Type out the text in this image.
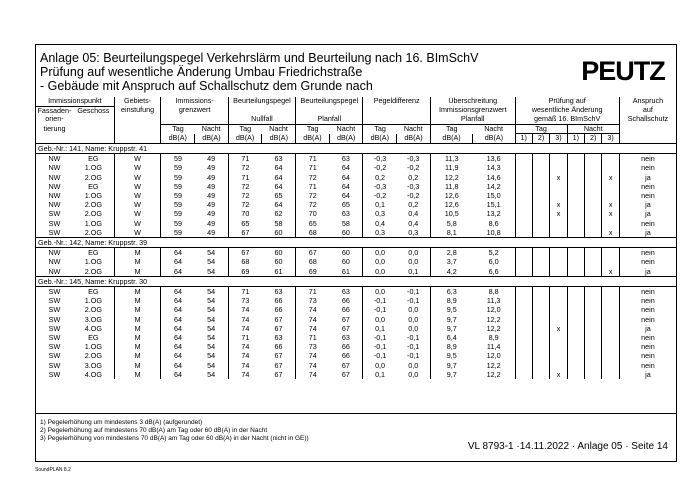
Anlage 05: Beurteilungspegel Verkehrslärm und Beurteilung nach 16. BImSchV
Prüfung auf wesentliche Änderung Umbau Friedrichstraße
- Gebäude mit Anspruch auf Schallschutz dem Grunde nach	PEUTZ
Immissionspunkt		Gebiets-	Immissions-		Beurteilungspegel		Beurteilungspegel		Pegeldifferenz		Überschreitung		Prüfung auf						Anspruch
Fassaden-	Geschoss	einstufung	grenzwert								Immissionsgrenzwert		wesentliche Änderung						auf
orien-					Nullfall		Planfall				Planfall		gemäß 16. BImSchV						Schallschutz
tierung			Tag	Nacht	Tag	Nacht	Tag	Nacht	Tag	Nacht	Tag	Nacht	Tag			Nacht			
			dB(A)	dB(A)	dB(A)	dB(A)	dB(A)	dB(A)	dB(A)	dB(A)	dB(A)	dB(A)	1)	2)	3)	1)	2)	3)	
Geb.-Nr.: 141, Name: Kruppstr. 41																			
NW	EG	W	59	49	71	63	71	63	-0,3	-0,3	11,3	13,6							nein
NW	1.OG	W	59	49	72	64	71	64	-0,2	-0,2	11,9	14,3							nein
NW	2.OG	W	59	49	71	64	72	64	0,2	0,2	12,2	14,6			x			x	ja
NW	EG	W	59	49	72	64	71	64	-0,3	-0,3	11,8	14,2							nein
NW	1.OG	W	59	49	72	65	72	64	-0,2	-0,2	12,6	15,0							nein
NW	2.OG	W	59	49	72	64	72	65	0,1	0,2	12,6	15,1			x			x	ja
SW	2.OG	W	59	49	70	62	70	63	0,3	0,4	10,5	13,2			x			x	ja
SW	1.OG	W	59	49	65	58	65	58	0,4	0,4	5,8	8,6							nein
SW	2.OG	W	59	49	67	60	68	60	0,3	0,3	8,1	10,8						x	ja
Geb.-Nr.: 142, Name: Kruppstr. 39																			
NW	EG	M	64	54	67	60	67	60	0,0	0,0	2,8	5,2							nein
NW	1.OG	M	64	54	68	60	68	60	0,0	0,0	3,7	6,0							nein
NW	2.OG	M	64	54	69	61	69	61	0,0	0,1	4,2	6,6						x	ja
Geb.-Nr.: 145, Name: Kruppstr. 30																			
SW	EG	M	64	54	71	63	71	63	0,0	-0,1	6,3	8,8							nein
SW	1.OG	M	64	54	73	66	73	66	-0,1	-0,1	8,9	11,3							nein
SW	2.OG	M	64	54	74	66	74	66	-0,1	0,0	9,5	12,0							nein
SW	3.OG	M	64	54	74	67	74	67	0,0	0,0	9,7	12,2							nein
SW	4.OG	M	64	54	74	67	74	67	0,1	0,0	9,7	12,2			x				ja
SW	EG	M	64	54	71	63	71	63	-0,1	-0,1	6,4	8,9							nein
SW	1.OG	M	64	54	74	66	73	66	-0,1	-0,1	8,9	11,4							nein
SW	2.OG	M	64	54	74	67	74	66	-0,1	-0,1	9,5	12,0							nein
SW	3.OG	M	64	54	74	67	74	67	0,0	0,0	9,7	12,2							nein
SW	4.OG	M	64	54	74	67	74	67	0,1	0,0	9,7	12,2			x				ja
1) Pegelerhöhung um mindestens 3 dB(A) (aufgerundet)
2) Pegelerhöhung auf mindestens 70 dB(A) am Tag oder 60 dB(A) in der Nacht
3) Pegelerhöhung von mindestens 70 dB(A) am Tag oder 60 dB(A) in der Nacht (nicht in GE))
VL 8793-1 ·14.11.2022 · Anlage 05 · Seite 14
SoundPLAN 8.2
